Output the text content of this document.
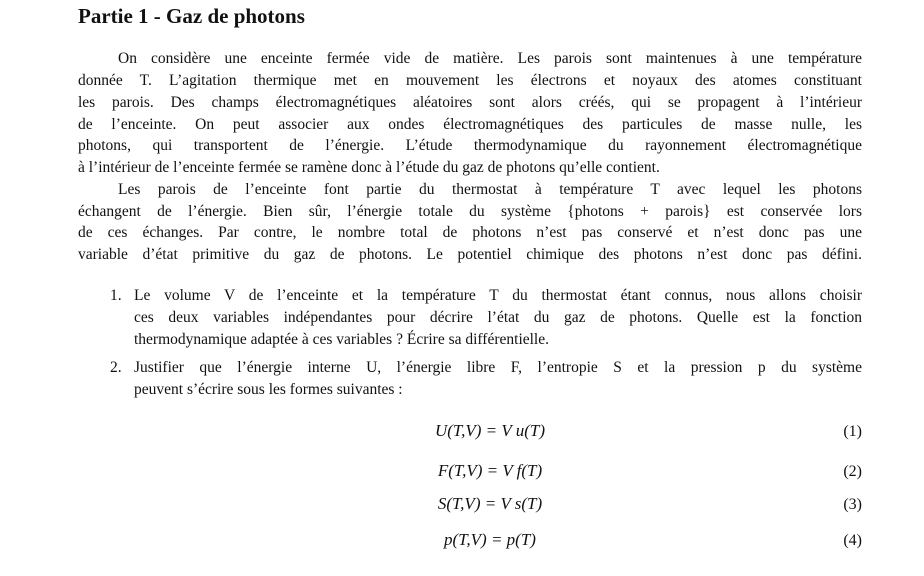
Partie 1 - Gaz de photons
On considère une enceinte fermée vide de matière. Les parois sont maintenues à une température
donnée T. L’agitation thermique met en mouvement les électrons et noyaux des atomes constituant
les parois. Des champs électromagnétiques aléatoires sont alors créés, qui se propagent à l’intérieur
de l’enceinte. On peut associer aux ondes électromagnétiques des particules de masse nulle, les
photons, qui transportent de l’énergie. L’étude thermodynamique du rayonnement électromagnétique
à l’intérieur de l’enceinte fermée se ramène donc à l’étude du gaz de photons qu’elle contient.
Les parois de l’enceinte font partie du thermostat à température T avec lequel les photons
échangent de l’énergie. Bien sûr, l’énergie totale du système {photons + parois} est conservée lors
de ces échanges. Par contre, le nombre total de photons n’est pas conservé et n’est donc pas une
variable d’état primitive du gaz de photons. Le potentiel chimique des photons n’est donc pas défini.
1. Le volume V de l’enceinte et la température T du thermostat étant connus, nous allons choisir
ces deux variables indépendantes pour décrire l’état du gaz de photons. Quelle est la fonction
thermodynamique adaptée à ces variables ? Écrire sa différentielle.
2. Justifier que l’énergie interne U, l’énergie libre F, l’entropie S et la pression p du système
peuvent s’écrire sous les formes suivantes :
U(T,V) = V u(T)	(1)
F(T,V) = V f(T)	(2)
S(T,V) = V s(T)	(3)
p(T,V) = p(T)	(4)
